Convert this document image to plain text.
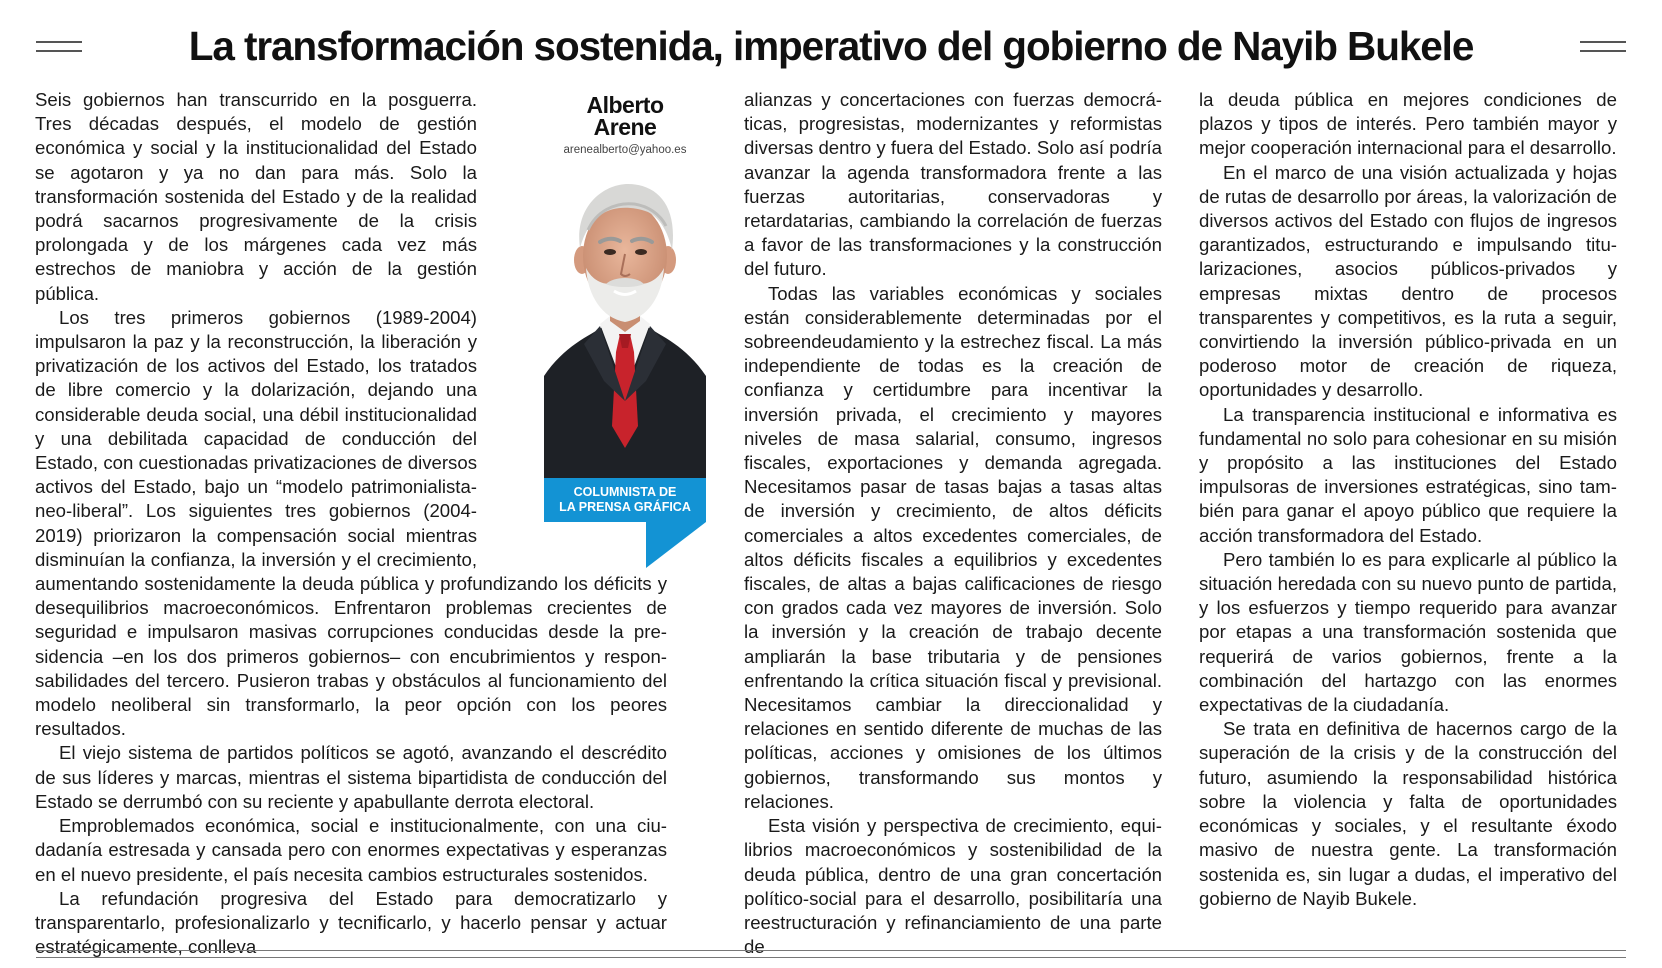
La transformación sostenida, imperativo del gobierno de Nayib Bukele

Alberto

Arene

arenealberto@yahoo.es
COLUMNISTA DE
LA PRENSA GRÁFICA

Seis gobiernos han transcurrido en la posguerra. Tres décadas después, el modelo de gestión económica y social y la institucionalidad del Estado se agotaron y ya no dan para más. Solo la transformación sostenida del Estado y de la realidad podrá sacarnos progresivamente de la crisis prolongada y de los márgenes cada vez más estrechos de maniobra y acción de la gestión pública.

Los tres primeros gobiernos (1989-2004) impulsaron la paz y la reconstrucción, la liberación y privatización de los activos del Estado, los tratados de libre comercio y la dolarización, dejando una considerable deuda social, una débil institucionalidad y una debilitada capacidad de conducción del Estado, con cuestionadas privatizaciones de diversos activos del Estado, bajo un “modelo patrimonialista-neo-liberal”. Los siguientes tres gobiernos (2004-2019) priorizaron la compensación social mientras disminuían la confianza, la inversión y el crecimiento, aumentando sostenidamente la deuda pública y profundizando los déficits y desequilibrios macroeconómicos. Enfrentaron problemas crecientes de seguridad e impulsaron masivas corrupciones conducidas desde la presidencia –en los dos primeros gobiernos– con encubrimientos y responsabilidades del tercero. Pusieron trabas y obstáculos al funcionamiento del modelo neoliberal sin transformarlo, la peor opción con los peores resultados.

El viejo sistema de partidos políticos se agotó, avanzando el descrédito de sus líderes y marcas, mientras el sistema bipartidista de conducción del Estado se derrumbó con su reciente y apabullante derrota electoral.

Emproblemados económica, social e institucionalmente, con una ciudadanía estresada y cansada pero con enormes expectativas y esperanzas en el nuevo presidente, el país necesita cambios estructurales sostenidos.

La refundación progresiva del Estado para democratizarlo y transparentarlo, profesionalizarlo y tecnificarlo, y hacerlo pensar y actuar estratégicamente, conlleva

alianzas y concertaciones con fuerzas democráticas, progresistas, modernizantes y reformistas diversas dentro y fuera del Estado. Solo así podría avanzar la agenda transformadora frente a las fuerzas autoritarias, conservadoras y retardatarias, cambiando la correlación de fuerzas a favor de las transformaciones y la construcción del futuro.

Todas las variables económicas y sociales están considerablemente determinadas por el sobreendeudamiento y la estrechez fiscal. La más independiente de todas es la creación de confianza y certidumbre para incentivar la inversión privada, el crecimiento y mayores niveles de masa salarial, consumo, ingresos fiscales, exportaciones y demanda agregada. Necesitamos pasar de tasas bajas a tasas altas de inversión y crecimiento, de altos déficits comerciales a altos excedentes comerciales, de altos déficits fiscales a equilibrios y excedentes fiscales, de altas a bajas calificaciones de riesgo con grados cada vez mayores de inversión. Solo la inversión y la creación de trabajo decente ampliarán la base tributaria y de pensiones enfrentando la crítica situación fiscal y previsional. Necesitamos cambiar la direccionalidad y relaciones en sentido diferente de muchas de las políticas, acciones y omisiones de los últimos gobiernos, transformando sus montos y relaciones.

Esta visión y perspectiva de crecimiento, equilibrios macroeconómicos y sostenibilidad de la deuda pública, dentro de una gran concertación político-social para el desarrollo, posibilitaría una reestructuración y refinanciamiento de una parte de

la deuda pública en mejores condiciones de plazos y tipos de interés. Pero también mayor y mejor cooperación internacional para el desarrollo.

En el marco de una visión actualizada y hojas de rutas de desarrollo por áreas, la valorización de diversos activos del Estado con flujos de ingresos garantizados, estructurando e impulsando titularizaciones, asocios públicos-privados y empresas mixtas dentro de procesos transparentes y competitivos, es la ruta a seguir, convirtiendo la inversión público-privada en un poderoso motor de creación de riqueza, oportunidades y desarrollo.

La transparencia institucional e informativa es fundamental no solo para cohesionar en su misión y propósito a las instituciones del Estado impulsoras de inversiones estratégicas, sino también para ganar el apoyo público que requiere la acción transformadora del Estado.

Pero también lo es para explicarle al público la situación heredada con su nuevo punto de partida, y los esfuerzos y tiempo requerido para avanzar por etapas a una transformación sostenida que requerirá de varios gobiernos, frente a la combinación del hartazgo con las enormes expectativas de la ciudadanía.

Se trata en definitiva de hacernos cargo de la superación de la crisis y de la construcción del futuro, asumiendo la responsabilidad histórica sobre la violencia y falta de oportunidades económicas y sociales, y el resultante éxodo masivo de nuestra gente. La transformación sostenida es, sin lugar a dudas, el imperativo del gobierno de Nayib Bukele.
